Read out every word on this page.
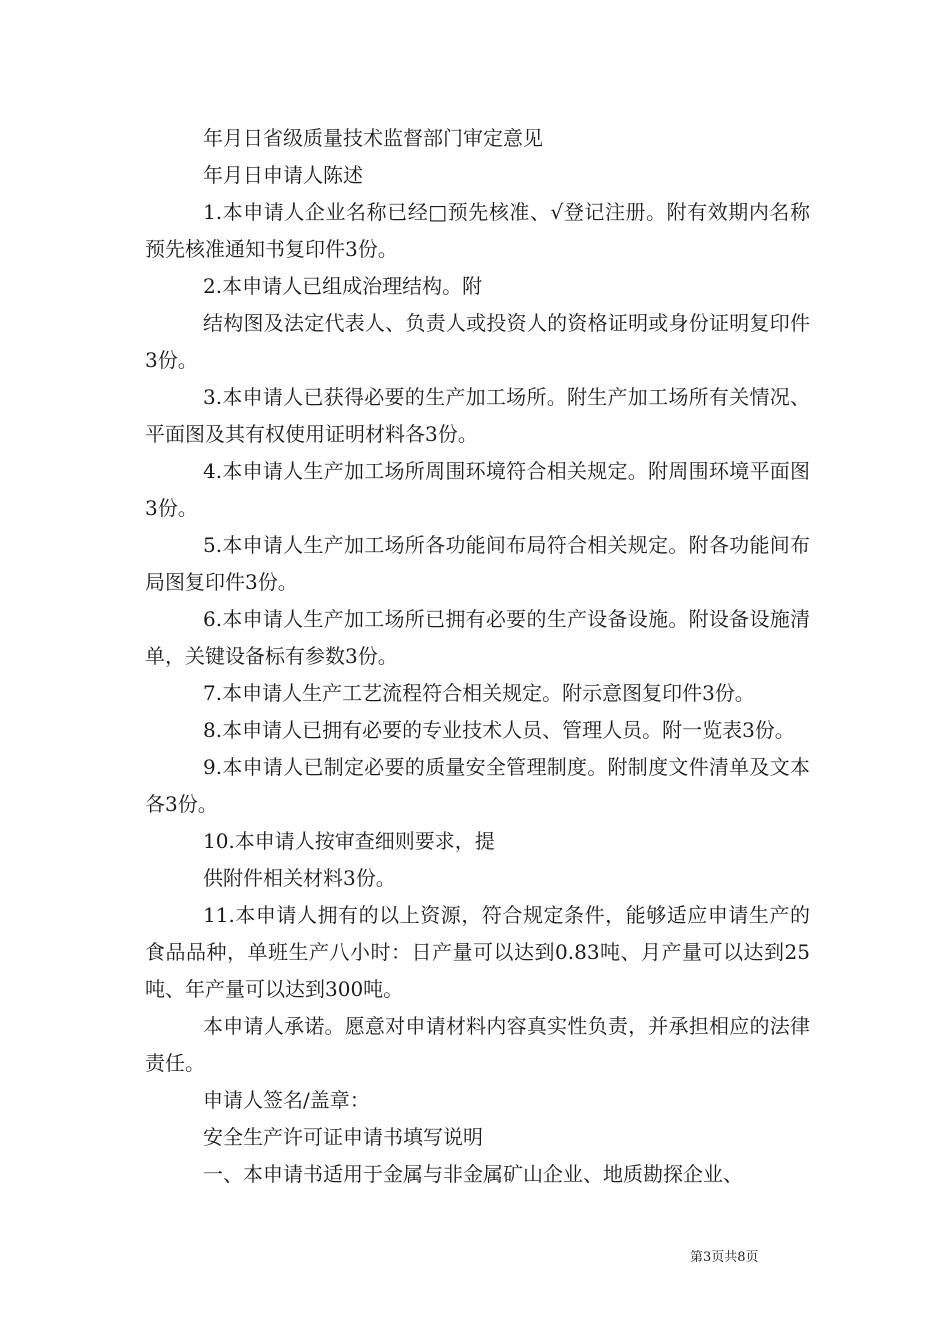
年月日省级质量技术监督部门审定意见

年月日申请人陈述

1.本申请人企业名称已经□预先核准、√登记注册。附有效期内名称预先核准通知书复印件3份。

2.本申请人已组成治理结构。附

结构图及法定代表人、负责人或投资人的资格证明或身份证明复印件3份。

3.本申请人已获得必要的生产加工场所。附生产加工场所有关情况、平面图及其有权使用证明材料各3份。

4.本申请人生产加工场所周围环境符合相关规定。附周围环境平面图3份。

5.本申请人生产加工场所各功能间布局符合相关规定。附各功能间布局图复印件3份。

6.本申请人生产加工场所已拥有必要的生产设备设施。附设备设施清单，关键设备标有参数3份。

7.本申请人生产工艺流程符合相关规定。附示意图复印件3份。

8.本申请人已拥有必要的专业技术人员、管理人员。附一览表3份。

9.本申请人已制定必要的质量安全管理制度。附制度文件清单及文本各3份。

10.本申请人按审查细则要求，提

供附件相关材料3份。

11.本申请人拥有的以上资源，符合规定条件，能够适应申请生产的食品品种，单班生产八小时：日产量可以达到0.83吨、月产量可以达到25吨、年产量可以达到300吨。

本申请人承诺。愿意对申请材料内容真实性负责，并承担相应的法律责任。

申请人签名/盖章：

安全生产许可证申请书填写说明

一、本申请书适用于金属与非金属矿山企业、地质勘探企业、

第3页共8页
